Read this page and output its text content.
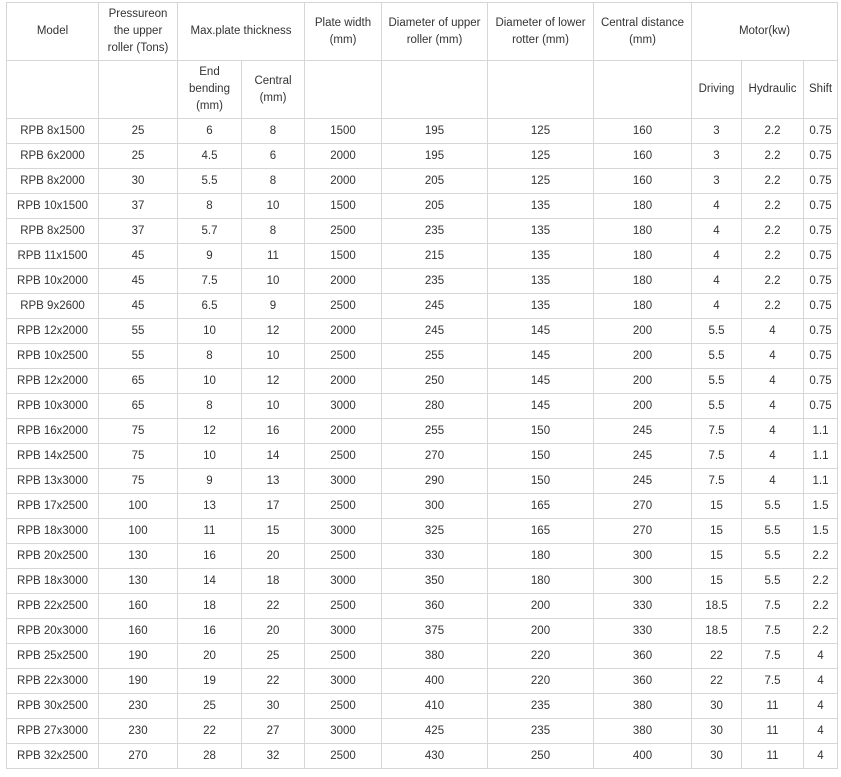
Model	Pressureon the upper roller (Tons)	Max.plate thickness		Plate width (mm)	Diameter of upper roller (mm)	Diameter of lower rotter (mm)	Central distance (mm)	Motor(kw)		
		End bending (mm)	Central (mm)					Driving	Hydraulic	Shift
RPB 8x1500	25	6	8	1500	195	125	160	3	2.2	0.75
RPB 6x2000	25	4.5	6	2000	195	125	160	3	2.2	0.75
RPB 8x2000	30	5.5	8	2000	205	125	160	3	2.2	0.75
RPB 10x1500	37	8	10	1500	205	135	180	4	2.2	0.75
RPB 8x2500	37	5.7	8	2500	235	135	180	4	2.2	0.75
RPB 11x1500	45	9	11	1500	215	135	180	4	2.2	0.75
RPB 10x2000	45	7.5	10	2000	235	135	180	4	2.2	0.75
RPB 9x2600	45	6.5	9	2500	245	135	180	4	2.2	0.75
RPB 12x2000	55	10	12	2000	245	145	200	5.5	4	0.75
RPB 10x2500	55	8	10	2500	255	145	200	5.5	4	0.75
RPB 12x2000	65	10	12	2000	250	145	200	5.5	4	0.75
RPB 10x3000	65	8	10	3000	280	145	200	5.5	4	0.75
RPB 16x2000	75	12	16	2000	255	150	245	7.5	4	1.1
RPB 14x2500	75	10	14	2500	270	150	245	7.5	4	1.1
RPB 13x3000	75	9	13	3000	290	150	245	7.5	4	1.1
RPB 17x2500	100	13	17	2500	300	165	270	15	5.5	1.5
RPB 18x3000	100	11	15	3000	325	165	270	15	5.5	1.5
RPB 20x2500	130	16	20	2500	330	180	300	15	5.5	2.2
RPB 18x3000	130	14	18	3000	350	180	300	15	5.5	2.2
RPB 22x2500	160	18	22	2500	360	200	330	18.5	7.5	2.2
RPB 20x3000	160	16	20	3000	375	200	330	18.5	7.5	2.2
RPB 25x2500	190	20	25	2500	380	220	360	22	7.5	4
RPB 22x3000	190	19	22	3000	400	220	360	22	7.5	4
RPB 30x2500	230	25	30	2500	410	235	380	30	11	4
RPB 27x3000	230	22	27	3000	425	235	380	30	11	4
RPB 32x2500	270	28	32	2500	430	250	400	30	11	4
